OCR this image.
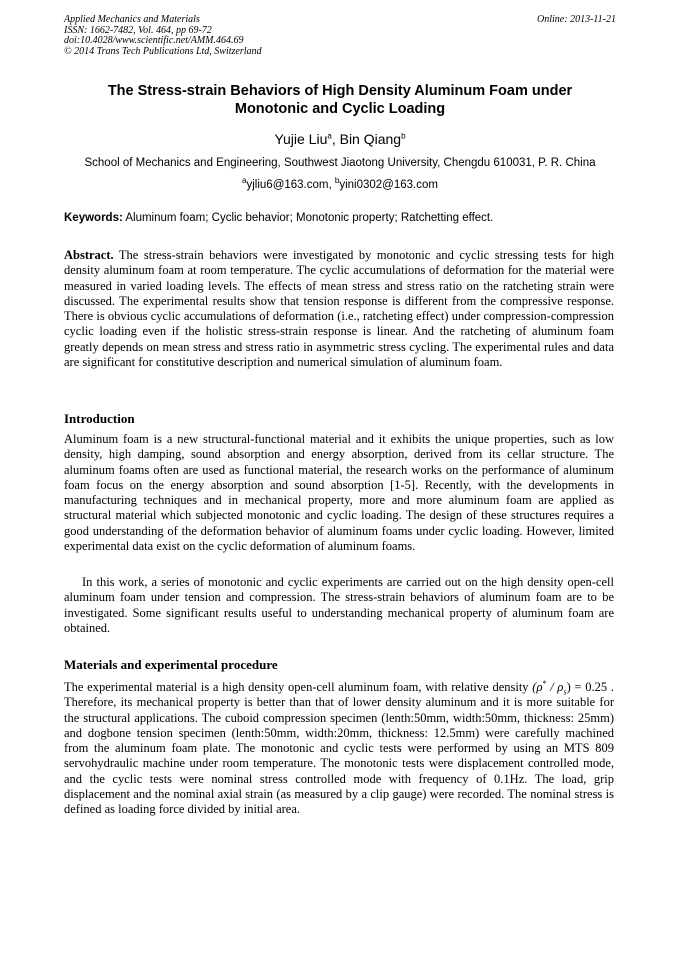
Applied Mechanics and Materials
ISSN: 1662-7482, Vol. 464, pp 69-72
doi:10.4028/www.scientific.net/AMM.464.69
© 2014 Trans Tech Publications Ltd, Switzerland
Online: 2013-11-21
The Stress-strain Behaviors of High Density Aluminum Foam under
Monotonic and Cyclic Loading
Yujie Liu$^a$, Bin Qiang$^b$
School of Mechanics and Engineering, Southwest Jiaotong University, Chengdu 610031, P. R. China
$^a$yjliu6@163.com, $^b$yini0302@163.com
Keywords: Aluminum foam; Cyclic behavior; Monotonic property; Ratchetting effect.

Abstract. The stress-strain behaviors were investigated by monotonic and cyclic stressing tests for high density aluminum foam at room temperature. The cyclic accumulations of deformation for the material were measured in varied loading levels. The effects of mean stress and stress ratio on the ratcheting strain were discussed. The experimental results show that tension response is different from the compressive response. There is obvious cyclic accumulations of deformation (i.e., ratcheting effect) under compression-compression cyclic loading even if the holistic stress-strain response is linear. And the ratcheting of aluminum foam greatly depends on mean stress and stress ratio in asymmetric stress cycling. The experimental rules and data are significant for constitutive description and numerical simulation of aluminum foam.

Introduction

Aluminum foam is a new structural-functional material and it exhibits the unique properties, such as low density, high damping, sound absorption and energy absorption, derived from its cellar structure. The aluminum foams often are used as functional material, the research works on the performance of aluminum foam focus on the energy absorption and sound absorption [1-5]. Recently, with the developments in manufacturing techniques and in mechanical property, more and more aluminum foam are applied as structural material which subjected monotonic and cyclic loading. The design of these structures requires a good understanding of the deformation behavior of aluminum foams under cyclic loading. However, limited experimental data exist on the cyclic deformation of aluminum foams.

In this work, a series of monotonic and cyclic experiments are carried out on the high density open-cell aluminum foam under tension and compression. The stress-strain behaviors of aluminum foam are to be investigated. Some significant results useful to understanding mechanical property of aluminum foam are obtained.

Materials and experimental procedure

The experimental material is a high density open-cell aluminum foam, with relative density $(\rho^* / \rho_s) = 0.25$ . Therefore, its mechanical property is better than that of lower density aluminum and it is more suitable for the structural applications. The cuboid compression specimen (lenth:50mm, width:50mm, thickness: 25mm) and dogbone tension specimen (lenth:50mm, width:20mm, thickness: 12.5mm) were carefully machined from the aluminum foam plate. The monotonic and cyclic tests were performed by using an MTS 809 servohydraulic machine under room temperature. The monotonic tests were displacement controlled mode, and the cyclic tests were nominal stress controlled mode with frequency of 0.1Hz. The load, grip displacement and the nominal axial strain (as measured by a clip gauge) were recorded. The nominal stress is defined as loading force divided by initial area.
